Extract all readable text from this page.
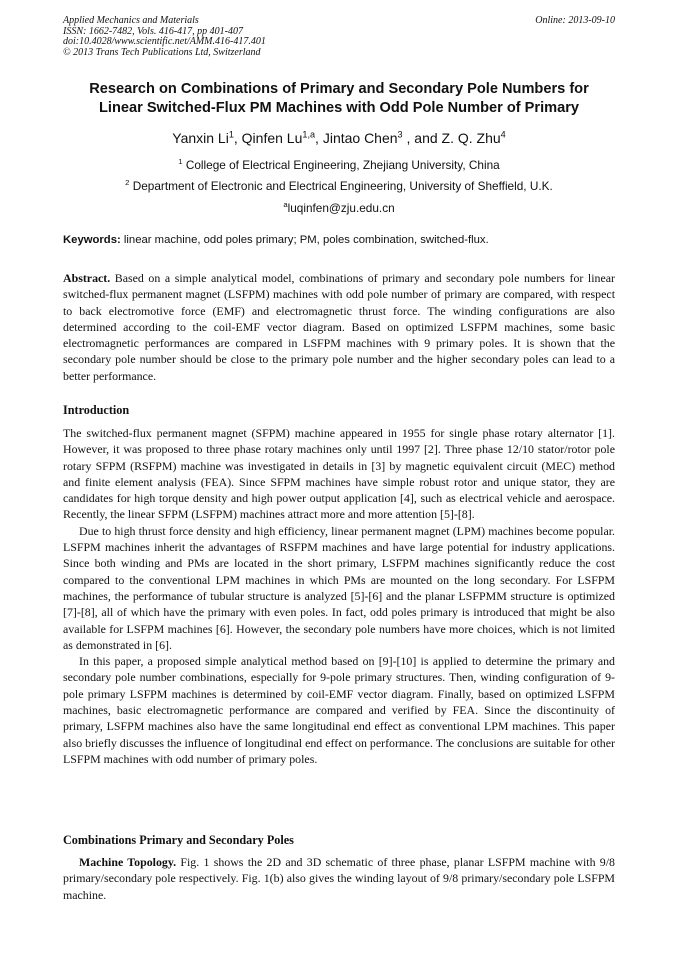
Applied Mechanics and Materials
ISSN: 1662-7482, Vols. 416-417, pp 401-407
doi:10.4028/www.scientific.net/AMM.416-417.401
© 2013 Trans Tech Publications Ltd, Switzerland
Online: 2013-09-10
Research on Combinations of Primary and Secondary Pole Numbers for
Linear Switched-Flux PM Machines with Odd Pole Number of Primary
Yanxin Li$^1$, Qinfen Lu$^{1,a}$, Jintao Chen$^3$ , and Z. Q. Zhu$^4$
$^1$ College of Electrical Engineering, Zhejiang University, China
$^2$ Department of Electronic and Electrical Engineering, University of Sheffield, U.K.
$^a$luqinfen@zju.edu.cn
Keywords: linear machine, odd poles primary; PM, poles combination, switched-flux.

Abstract. Based on a simple analytical model, combinations of primary and secondary pole numbers for linear switched-flux permanent magnet (LSFPM) machines with odd pole number of primary are compared, with respect to back electromotive force (EMF) and electromagnetic thrust force. The winding configurations are also determined according to the coil-EMF vector diagram. Based on optimized LSFPM machines, some basic electromagnetic performances are compared in LSFPM machines with 9 primary poles. It is shown that the secondary pole number should be close to the primary pole number and the higher secondary poles can lead to a better performance.

Introduction

The switched-flux permanent magnet (SFPM) machine appeared in 1955 for single phase rotary alternator [1]. However, it was proposed to three phase rotary machines only until 1997 [2]. Three phase 12/10 stator/rotor pole rotary SFPM (RSFPM) machine was investigated in details in [3] by magnetic equivalent circuit (MEC) method and finite element analysis (FEA). Since SFPM machines have simple robust rotor and unique stator, they are candidates for high torque density and high power output application [4], such as electrical vehicle and aerospace. Recently, the linear SFPM (LSFPM) machines attract more and more attention [5]-[8].

Due to high thrust force density and high efficiency, linear permanent magnet (LPM) machines become popular. LSFPM machines inherit the advantages of RSFPM machines and have large potential for industry applications. Since both winding and PMs are located in the short primary, LSFPM machines significantly reduce the cost compared to the conventional LPM machines in which PMs are mounted on the long secondary. For LSFPM machines, the performance of tubular structure is analyzed [5]-[6] and the planar LSFPMM structure is optimized [7]-[8], all of which have the primary with even poles. In fact, odd poles primary is introduced that might be also available for LSFPM machines [6]. However, the secondary pole numbers have more choices, which is not limited as demonstrated in [6].

In this paper, a proposed simple analytical method based on [9]-[10] is applied to determine the primary and secondary pole number combinations, especially for 9-pole primary structures. Then, winding configuration of 9-pole primary LSFPM machines is determined by coil-EMF vector diagram. Finally, based on optimized LSFPM machines, basic electromagnetic performance are compared and verified by FEA. Since the discontinuity of primary, LSFPM machines also have the same longitudinal end effect as conventional LPM machines. This paper also briefly discusses the influence of longitudinal end effect on performance. The conclusions are suitable for other LSFPM machines with odd number of primary poles.

Combinations Primary and Secondary Poles

Machine Topology. Fig. 1 shows the 2D and 3D schematic of three phase, planar LSFPM machine with 9/8 primary/secondary pole respectively. Fig. 1(b) also gives the winding layout of 9/8 primary/secondary pole LSFPM machine.
